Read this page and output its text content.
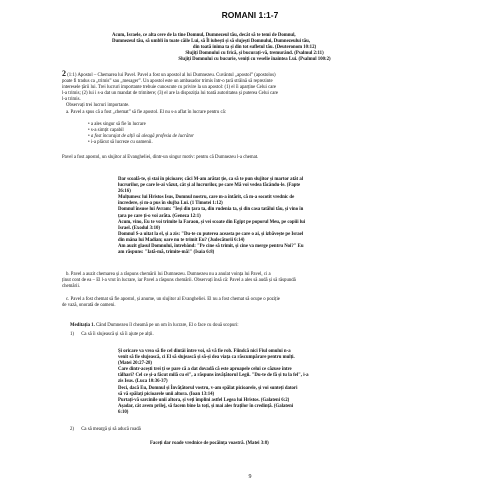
ROMANI 1:1-7
Acum, Israele, ce alta cere de la tine Domnul, Dumnezeul tău, decât să te temi de Domnul,
Dumnezeul tău, să umbli în toate căile Lui, să Îl iubești și să slujești Domnului, Dumnezeului tău,
din toată inima ta și din tot sufletul tău. (Deuteronom 10:12)
Slujiți Domnului cu frică, și bucurați-vă, tremurând. (Psalmul 2:11)
Slujiți Domnului cu bucurie, veniți cu veselie înaintea Lui. (Psalmul 100:2)
2 (1:1) Apostol – Chemarea lui Pavel. Pavel a fost un apostol al lui Dumnezeu. Cuvântul „apostol” (apostolos)
poate fi tradus ca „trimis” sau „mesager”. Un apostol este un ambasador trimis într-o țară străină să reprezinte
interesele țării lui. Trei lucruri importante trebuie cunoscute cu privire la un apostol: (1) el îi aparține Celui care
l-a trimis; (2) lui i s-a dat un mandat de trimitere; (3) el are la dispoziția lui toată autoritatea și puterea Celui care
l-a trimis.
Observați trei lucruri importante.
a. Pavel a spus că a fost „chemat” să fie apostol. El nu s-a aflat în lucrare pentru că:
• a ales singur să fie în lucrare
• s-a simțit capabil
• a fost încurajat de alții să aleagă profesia de lucrător
• i-a plăcut să lucreze cu oamenii.
Pavel a fost apostol, un slujitor al Evangheliei, dintr-un singur motiv: pentru că Dumnezeu l-a chemat.
Dar scoală-te, și stai în picioare; căci M-am arătat ție, ca să te pun slujitor și martor atât al
lucrurilor, pe care le-ai văzut, cât și al lucrurilor, pe care Mă voi vedea făcându-le. (Fapte
26:16)
Mulțumesc lui Hristos Isus, Domnul nostru, care m-a întărit, că m-a socotit vrednic de
încredere, și m-a pus în slujba Lui. (1 Timotei 1:12)
Domnul însuse lui Avram: "Ieși din țara ta, din rudenia ta, și din casa tatălui tău, și vino în
țara pe care ți-o voi arăta. (Geneza 12:1)
Acum, vino, Eu te voi trimite la Faraon, și vei scoate din Egipt pe poporul Meu, pe copiii lui
Israel. (Exodul 3:10)
Domnul S-a uitat la el, și a zis: "Du-te cu puterea aceasta pe care o ai, și izbăvește pe Israel
din mâna lui Madian; oare nu te trimit Eu? (Judecătorii 6:14)
Am auzit glasul Domnului, întrebând: "Pe cine să trimit, și cine va merge pentru Noi?" Eu
am răspuns: "Iată-mă, trimite-mă!" (Isaia 6:8)
b. Pavel a auzit chemarea și a răspuns chemării lui Dumnezeu. Dumnezeu nu a anulat voința lui Pavel, ci a
ținut cont de ea – El l-a vrut în lucrare, iar Pavel a răspuns chemării. Observați însă că: Pavel a ales să audă și să răspundă
chemării.
c. Pavel a fost chemat să fie apostol, și anume, un slujitor al Evangheliei. El nu a fost chemat să ocupe o poziție
de vază, onorată de oameni.
Meditația 1. Când Dumnezeu îl cheamă pe un om în lucrare, El o face cu două scopuri:
1) Ca să îi slujească și să îi ajute pe alții.
Și oricare va vrea să fie cel dintâi între voi, să vă fie rob. Fiindcă nici Fiul omului n-a
venit să fie slujească, ci El să slujească și să-și dea viața ca răscumpărare pentru mulți.
(Matei 20:27-28)
Care dintr-acești trei ți se pare că a dat dovadă că este aproapele celui ce căzuse între
tâlhari? Cel ce și-a făcut milă cu el", a răspuns învățătorul Legii. "Du-te de fă și tu la fel", i-a
zis Isus. (Luca 10:36-37)
Deci, dacă Eu, Domnul și Învățătorul vostru, v-am spălat picioarele, și voi sunteți datori
să vă spălați picioarele unii altora. (Ioan 13:14)
Purtați-vă sarcinile unii altora, și veți împlini astfel Legea lui Hristos. (Galateni 6:2)
Așadar, cât avem prilej, să facem bine la toți, și mai ales fraților în credință. (Galateni
6:10)
2) Ca să meargă și să aducă roadă
Faceți dar roade vrednice de pocăința voastră. (Matei 3:8)
9
